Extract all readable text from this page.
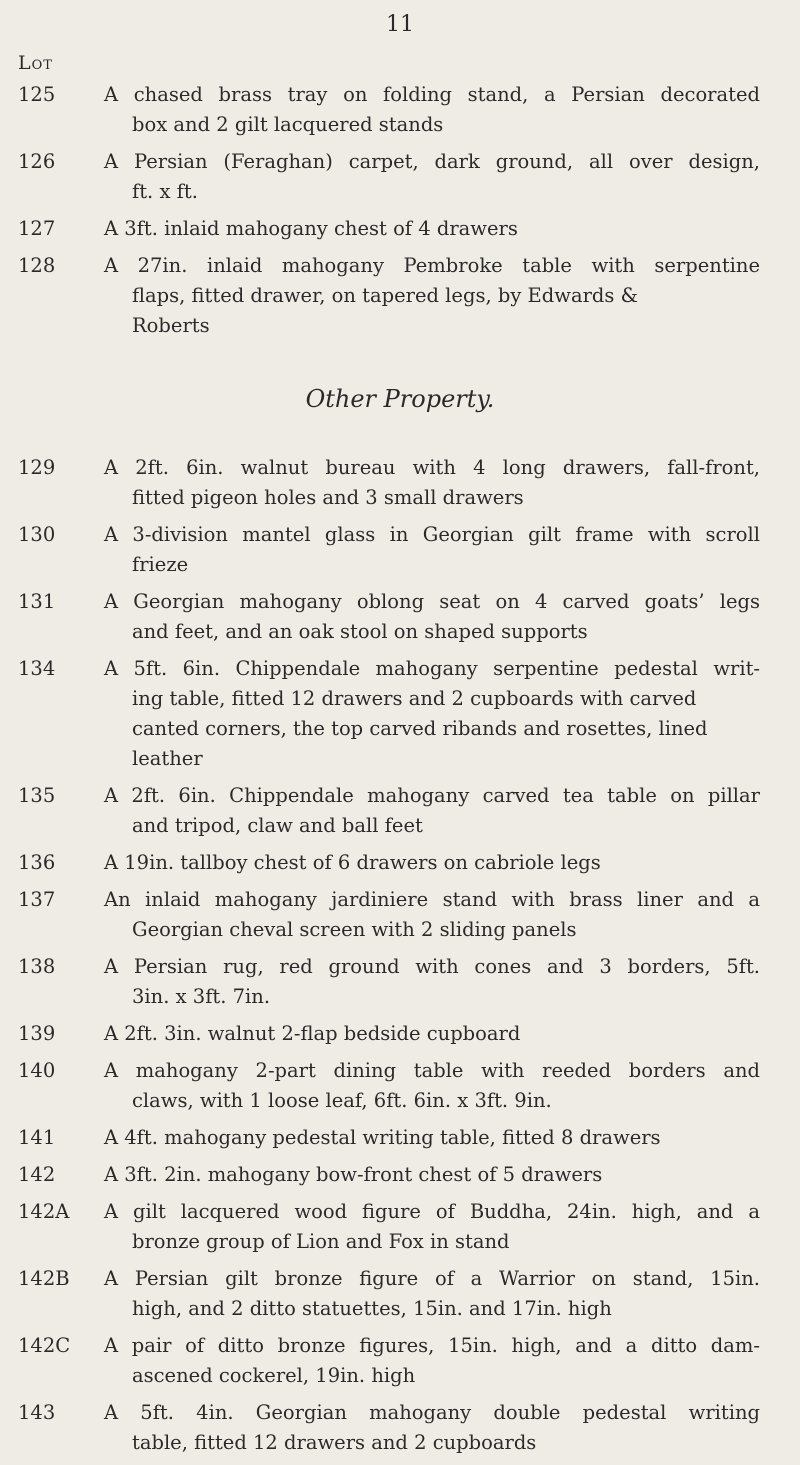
11
Lot
125	A chased brass tray on folding stand, a Persian decorated
box and 2 gilt lacquered stands
126	A Persian (Feraghan) carpet, dark ground, all over design,
ft. x ft.
127	A 3ft. inlaid mahogany chest of 4 drawers
128	A 27in. inlaid mahogany Pembroke table with serpentine
flaps, fitted drawer, on tapered legs, by Edwards &
Roberts
Other Property.
129	A 2ft. 6in. walnut bureau with 4 long drawers, fall-front,
fitted pigeon holes and 3 small drawers
130	A 3-division mantel glass in Georgian gilt frame with scroll
frieze
131	A Georgian mahogany oblong seat on 4 carved goats’ legs
and feet, and an oak stool on shaped supports
134	A 5ft. 6in. Chippendale mahogany serpentine pedestal writ-
ing table, fitted 12 drawers and 2 cupboards with carved
canted corners, the top carved ribands and rosettes, lined
leather
135	A 2ft. 6in. Chippendale mahogany carved tea table on pillar
and tripod, claw and ball feet
136	A 19in. tallboy chest of 6 drawers on cabriole legs
137	An inlaid mahogany jardiniere stand with brass liner and a
Georgian cheval screen with 2 sliding panels
138	A Persian rug, red ground with cones and 3 borders, 5ft.
3in. x 3ft. 7in.
139	A 2ft. 3in. walnut 2-flap bedside cupboard
140	A mahogany 2-part dining table with reeded borders and
claws, with 1 loose leaf, 6ft. 6in. x 3ft. 9in.
141	A 4ft. mahogany pedestal writing table, fitted 8 drawers
142	A 3ft. 2in. mahogany bow-front chest of 5 drawers
142A	A gilt lacquered wood figure of Buddha, 24in. high, and a
bronze group of Lion and Fox in stand
142B	A Persian gilt bronze figure of a Warrior on stand, 15in.
high, and 2 ditto statuettes, 15in. and 17in. high
142C	A pair of ditto bronze figures, 15in. high, and a ditto dam-
ascened cockerel, 19in. high
143	A 5ft. 4in. Georgian mahogany double pedestal writing
table, fitted 12 drawers and 2 cupboards
